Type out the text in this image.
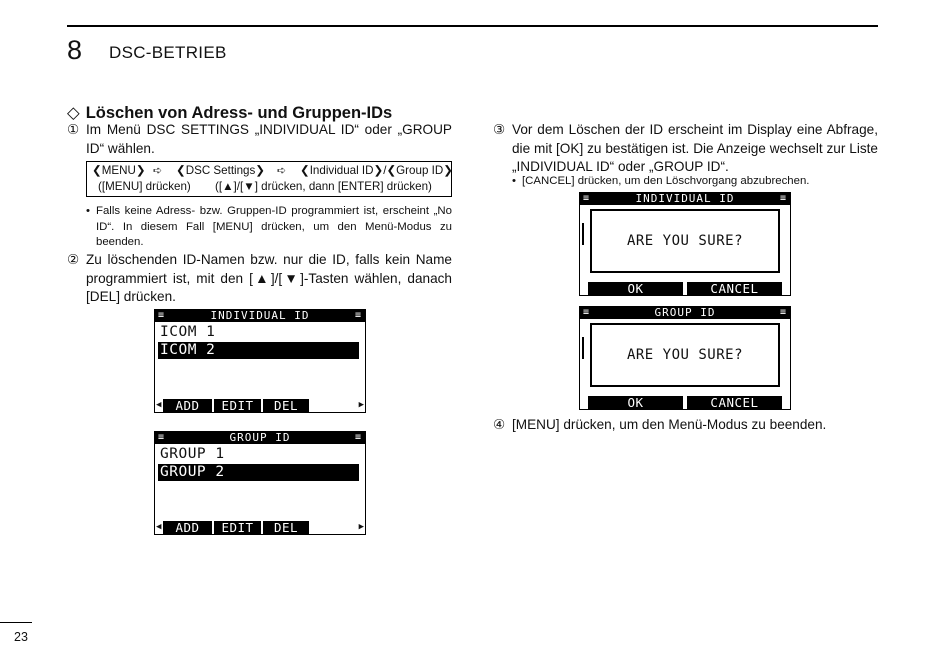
8 DSC-BETRIEB
◇ Löschen von Adress- und Gruppen-IDs
① Im Menü DSC SETTINGS „INDIVIDUAL ID“ oder „GROUP ID“ wählen.
❮MENU❯ ➪ ❮DSC Settings❯ ➪ ❮Individual ID❯/❮Group ID❯
([MENU] drücken) ([▲]/[▼] drücken, dann [ENTER] drücken)
• Falls keine Adress- bzw. Gruppen-ID programmiert ist, erscheint „No ID“. In diesem Fall [MENU] drücken, um den Menü-Modus zu beenden.
② Zu löschenden ID-Namen bzw. nur die ID, falls kein Name programmiert ist, mit den [▲]/[▼]-Tasten wählen, danach [DEL] drücken.
≡	INDIVIDUAL ID	≡
ICOM 1
ICOM 2
◀	ADD	EDIT	DEL	▶
≡	GROUP ID	≡
GROUP 1
GROUP 2
◀	ADD	EDIT	DEL	▶
③ Vor dem Löschen der ID erscheint im Display eine Abfrage, die mit [OK] zu bestätigen ist. Die Anzeige wechselt zur Liste „INDIVIDUAL ID“ oder „GROUP ID“.
• [CANCEL] drücken, um den Löschvorgang abzubrechen.
≡	INDIVIDUAL ID	≡
ARE YOU SURE?
OK	CANCEL
≡	GROUP ID	≡
ARE YOU SURE?
OK	CANCEL
④ [MENU] drücken, um den Menü-Modus zu beenden.
23
